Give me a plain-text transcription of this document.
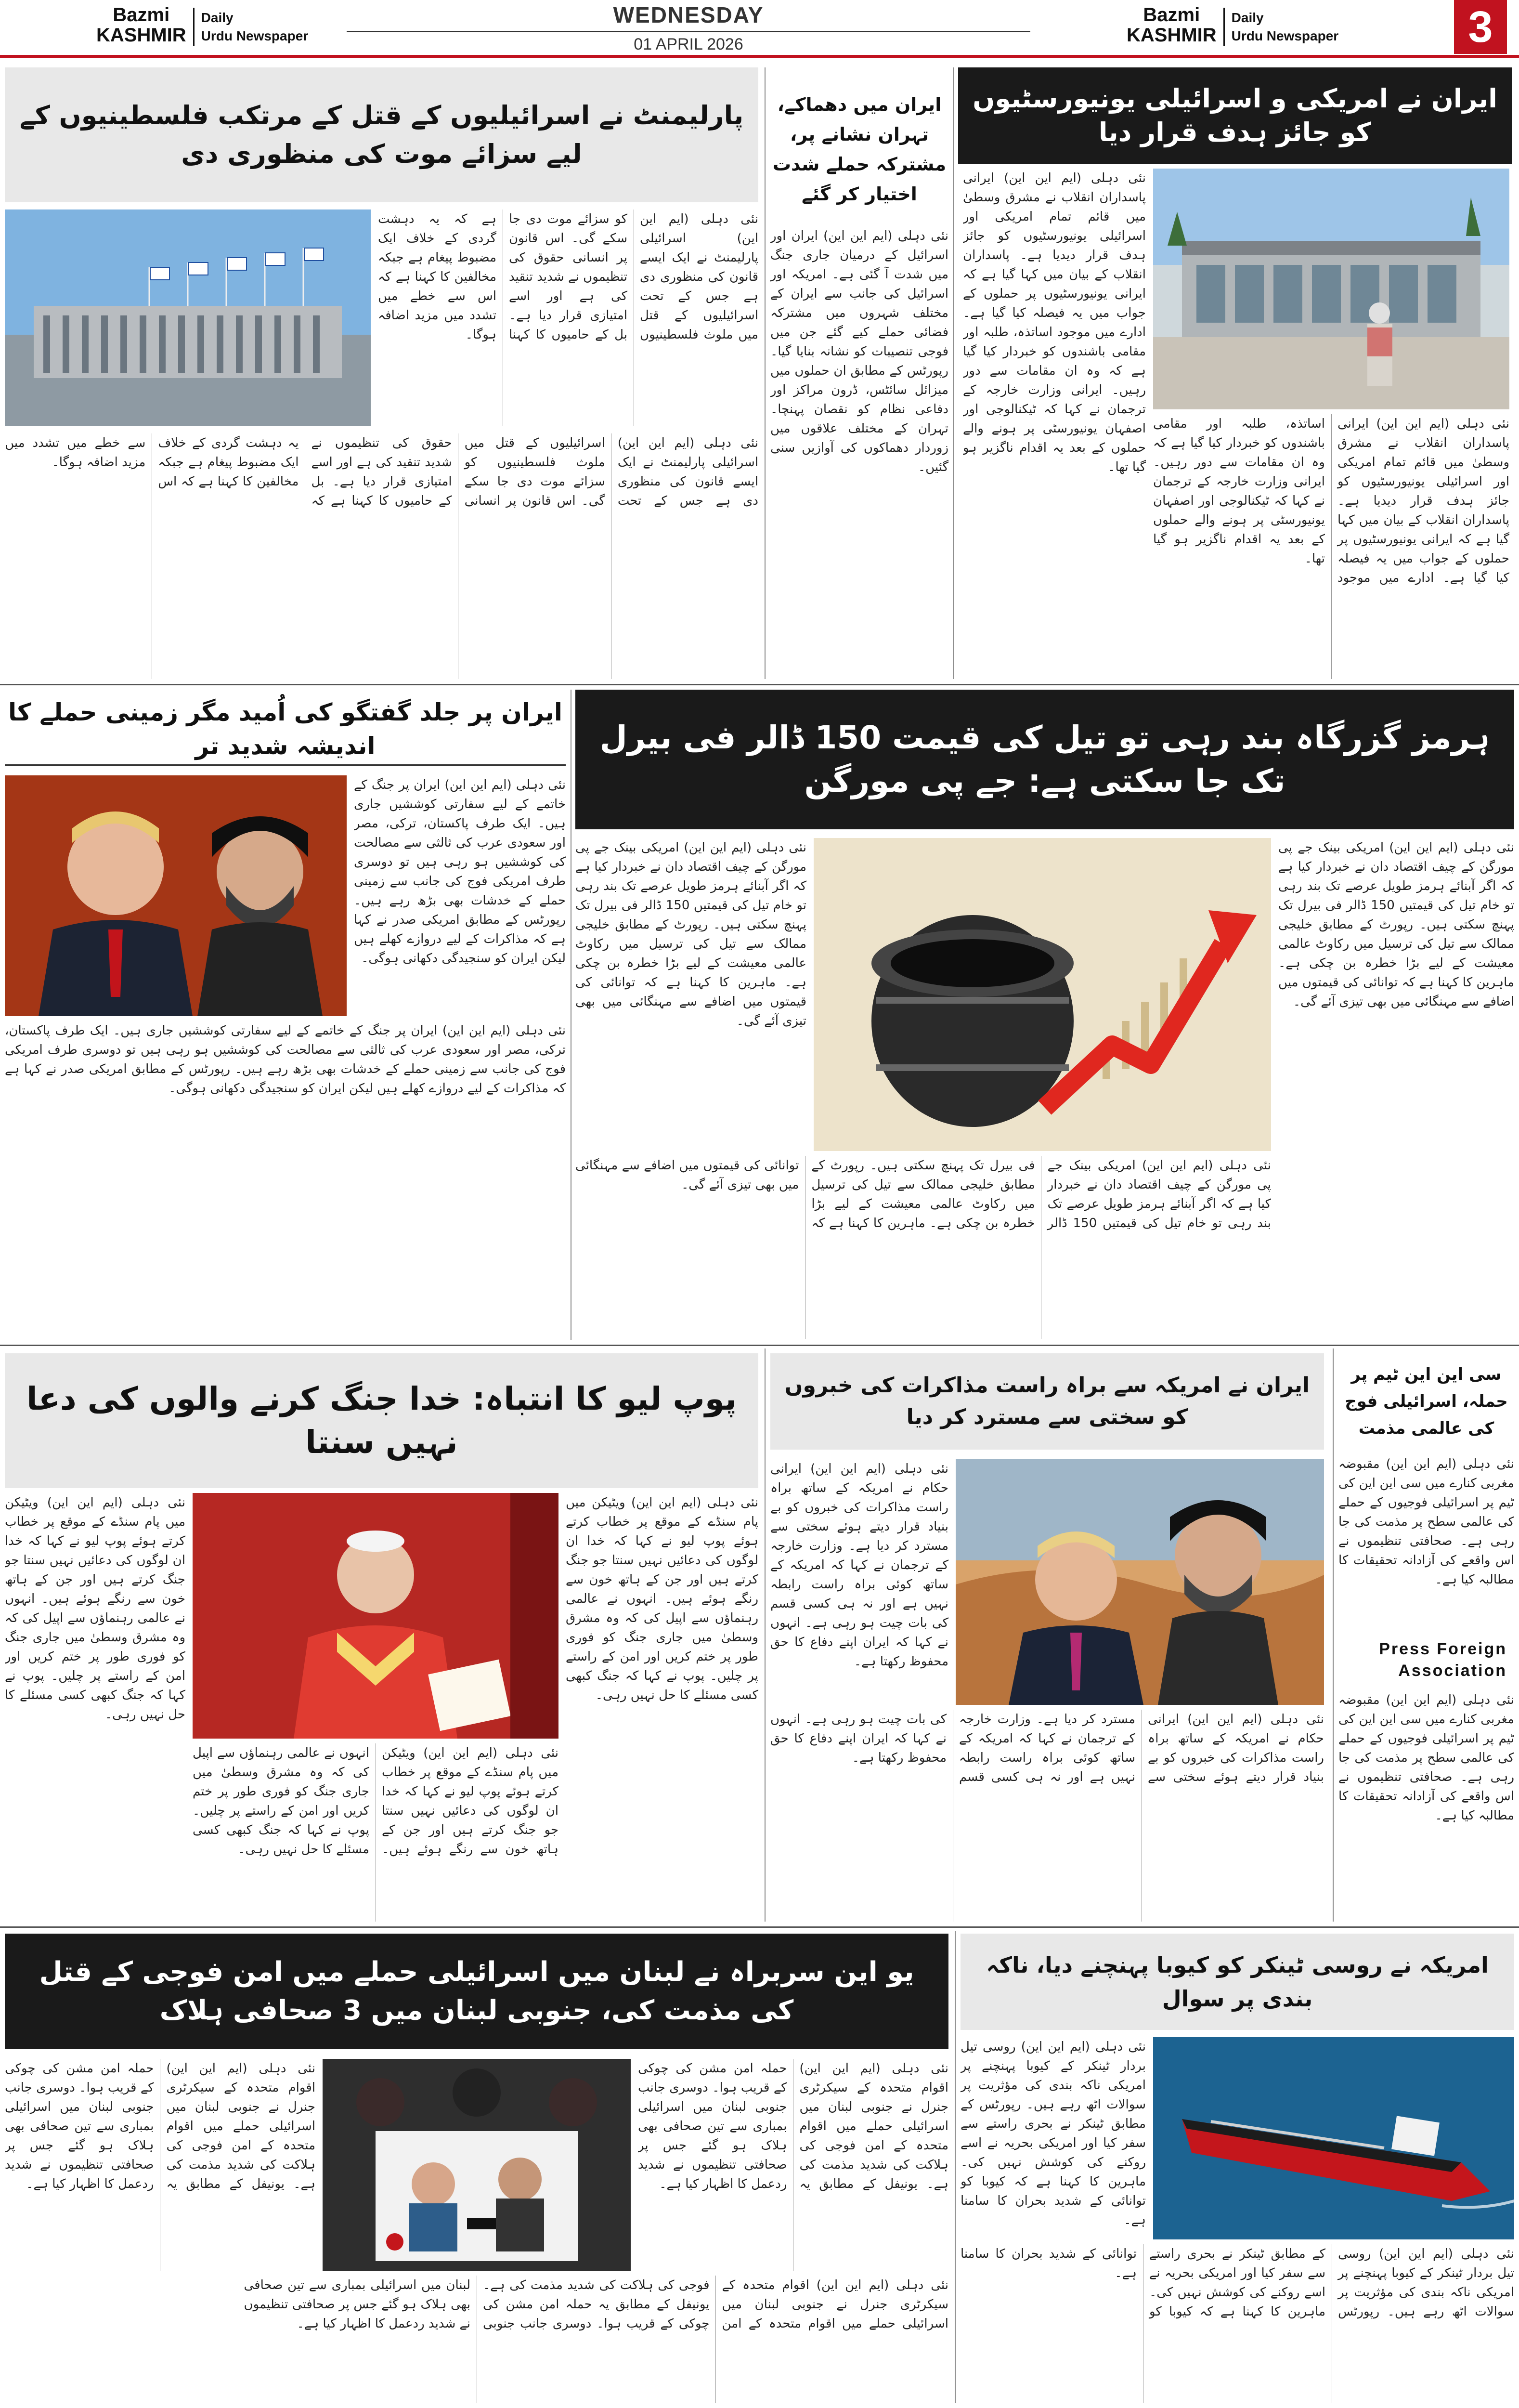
Bazmi
KASHMIRDaily
Urdu Newspaper
WEDNESDAY
01 APRIL 2026
Bazmi
KASHMIRDaily
Urdu Newspaper	3
ایران نے امریکی و اسرائیلی یونیورسٹیوں کو جائز ہدف قرار دیا
نئی دہلی (ایم این این) ایرانی پاسداران انقلاب نے مشرق وسطیٰ میں قائم تمام امریکی اور اسرائیلی یونیورسٹیوں کو جائز ہدف قرار دیدیا ہے۔ پاسداران انقلاب کے بیان میں کہا گیا ہے کہ ایرانی یونیورسٹیوں پر حملوں کے جواب میں یہ فیصلہ کیا گیا ہے۔ ادارے میں موجود اساتذہ، طلبہ اور مقامی باشندوں کو خبردار کیا گیا ہے کہ وہ ان مقامات سے دور رہیں۔ ایرانی وزارت خارجہ کے ترجمان نے کہا کہ ٹیکنالوجی اور اصفہان یونیورسٹی پر ہونے والے حملوں کے بعد یہ اقدام ناگزیر ہو گیا تھا۔
نئی دہلی (ایم این این) ایرانی پاسداران انقلاب نے مشرق وسطیٰ میں قائم تمام امریکی اور اسرائیلی یونیورسٹیوں کو جائز ہدف قرار دیدیا ہے۔ پاسداران انقلاب کے بیان میں کہا گیا ہے کہ ایرانی یونیورسٹیوں پر حملوں کے جواب میں یہ فیصلہ کیا گیا ہے۔ ادارے میں موجود اساتذہ، طلبہ اور مقامی باشندوں کو خبردار کیا گیا ہے کہ وہ ان مقامات سے دور رہیں۔ ایرانی وزارت خارجہ کے ترجمان نے کہا کہ ٹیکنالوجی اور اصفہان یونیورسٹی پر ہونے والے حملوں کے بعد یہ اقدام ناگزیر ہو گیا تھا۔
ایران میں دھماکے، تہران نشانے پر، مشترکہ حملے شدت اختیار کر گئے
نئی دہلی (ایم این این) ایران اور اسرائیل کے درمیان جاری جنگ میں شدت آ گئی ہے۔ امریکہ اور اسرائیل کی جانب سے ایران کے مختلف شہروں میں مشترکہ فضائی حملے کیے گئے جن میں فوجی تنصیبات کو نشانہ بنایا گیا۔ رپورٹس کے مطابق ان حملوں میں میزائل سائٹس، ڈرون مراکز اور دفاعی نظام کو نقصان پہنچا۔ تہران کے مختلف علاقوں میں زوردار دھماکوں کی آوازیں سنی گئیں۔
پارلیمنٹ نے اسرائیلیوں کے قتل کے مرتکب فلسطینیوں کے لیے سزائے موت کی منظوری دی
نئی دہلی (ایم این این) اسرائیلی پارلیمنٹ نے ایک ایسے قانون کی منظوری دی ہے جس کے تحت اسرائیلیوں کے قتل میں ملوث فلسطینیوں کو سزائے موت دی جا سکے گی۔ اس قانون پر انسانی حقوق کی تنظیموں نے شدید تنقید کی ہے اور اسے امتیازی قرار دیا ہے۔ بل کے حامیوں کا کہنا ہے کہ یہ دہشت گردی کے خلاف ایک مضبوط پیغام ہے جبکہ مخالفین کا کہنا ہے کہ اس سے خطے میں تشدد میں مزید اضافہ ہوگا۔
نئی دہلی (ایم این این) اسرائیلی پارلیمنٹ نے ایک ایسے قانون کی منظوری دی ہے جس کے تحت اسرائیلیوں کے قتل میں ملوث فلسطینیوں کو سزائے موت دی جا سکے گی۔ اس قانون پر انسانی حقوق کی تنظیموں نے شدید تنقید کی ہے اور اسے امتیازی قرار دیا ہے۔ بل کے حامیوں کا کہنا ہے کہ یہ دہشت گردی کے خلاف ایک مضبوط پیغام ہے جبکہ مخالفین کا کہنا ہے کہ اس سے خطے میں تشدد میں مزید اضافہ ہوگا۔
ہرمز گزرگاہ بند رہی تو تیل کی قیمت 150 ڈالر فی بیرل تک جا سکتی ہے: جے پی مورگن
نئی دہلی (ایم این این) امریکی بینک جے پی مورگن کے چیف اقتصاد دان نے خبردار کیا ہے کہ اگر آبنائے ہرمز طویل عرصے تک بند رہی تو خام تیل کی قیمتیں 150 ڈالر فی بیرل تک پہنچ سکتی ہیں۔ رپورٹ کے مطابق خلیجی ممالک سے تیل کی ترسیل میں رکاوٹ عالمی معیشت کے لیے بڑا خطرہ بن چکی ہے۔ ماہرین کا کہنا ہے کہ توانائی کی قیمتوں میں اضافے سے مہنگائی میں بھی تیزی آئے گی۔
نئی دہلی (ایم این این) امریکی بینک جے پی مورگن کے چیف اقتصاد دان نے خبردار کیا ہے کہ اگر آبنائے ہرمز طویل عرصے تک بند رہی تو خام تیل کی قیمتیں 150 ڈالر فی بیرل تک پہنچ سکتی ہیں۔ رپورٹ کے مطابق خلیجی ممالک سے تیل کی ترسیل میں رکاوٹ عالمی معیشت کے لیے بڑا خطرہ بن چکی ہے۔ ماہرین کا کہنا ہے کہ توانائی کی قیمتوں میں اضافے سے مہنگائی میں بھی تیزی آئے گی۔
نئی دہلی (ایم این این) امریکی بینک جے پی مورگن کے چیف اقتصاد دان نے خبردار کیا ہے کہ اگر آبنائے ہرمز طویل عرصے تک بند رہی تو خام تیل کی قیمتیں 150 ڈالر فی بیرل تک پہنچ سکتی ہیں۔ رپورٹ کے مطابق خلیجی ممالک سے تیل کی ترسیل میں رکاوٹ عالمی معیشت کے لیے بڑا خطرہ بن چکی ہے۔ ماہرین کا کہنا ہے کہ توانائی کی قیمتوں میں اضافے سے مہنگائی میں بھی تیزی آئے گی۔
ایران پر جلد گفتگو کی اُمید مگر زمینی حملے کا اندیشہ شدید تر
نئی دہلی (ایم این این) ایران پر جنگ کے خاتمے کے لیے سفارتی کوششیں جاری ہیں۔ ایک طرف پاکستان، ترکی، مصر اور سعودی عرب کی ثالثی سے مصالحت کی کوششیں ہو رہی ہیں تو دوسری طرف امریکی فوج کی جانب سے زمینی حملے کے خدشات بھی بڑھ رہے ہیں۔ رپورٹس کے مطابق امریکی صدر نے کہا ہے کہ مذاکرات کے لیے دروازے کھلے ہیں لیکن ایران کو سنجیدگی دکھانی ہوگی۔
نئی دہلی (ایم این این) ایران پر جنگ کے خاتمے کے لیے سفارتی کوششیں جاری ہیں۔ ایک طرف پاکستان، ترکی، مصر اور سعودی عرب کی ثالثی سے مصالحت کی کوششیں ہو رہی ہیں تو دوسری طرف امریکی فوج کی جانب سے زمینی حملے کے خدشات بھی بڑھ رہے ہیں۔ رپورٹس کے مطابق امریکی صدر نے کہا ہے کہ مذاکرات کے لیے دروازے کھلے ہیں لیکن ایران کو سنجیدگی دکھانی ہوگی۔
سی این این ٹیم پر حملہ، اسرائیلی فوج کی عالمی مذمت
نئی دہلی (ایم این این) مقبوضہ مغربی کنارے میں سی این این کی ٹیم پر اسرائیلی فوجیوں کے حملے کی عالمی سطح پر مذمت کی جا رہی ہے۔ صحافتی تنظیموں نے اس واقعے کی آزادانہ تحقیقات کا مطالبہ کیا ہے۔
Press Foreign
Association
نئی دہلی (ایم این این) مقبوضہ مغربی کنارے میں سی این این کی ٹیم پر اسرائیلی فوجیوں کے حملے کی عالمی سطح پر مذمت کی جا رہی ہے۔ صحافتی تنظیموں نے اس واقعے کی آزادانہ تحقیقات کا مطالبہ کیا ہے۔
ایران نے امریکہ سے براہ راست مذاکرات کی خبروں کو سختی سے مسترد کر دیا
نئی دہلی (ایم این این) ایرانی حکام نے امریکہ کے ساتھ براہ راست مذاکرات کی خبروں کو بے بنیاد قرار دیتے ہوئے سختی سے مسترد کر دیا ہے۔ وزارت خارجہ کے ترجمان نے کہا کہ امریکہ کے ساتھ کوئی براہ راست رابطہ نہیں ہے اور نہ ہی کسی قسم کی بات چیت ہو رہی ہے۔ انہوں نے کہا کہ ایران اپنے دفاع کا حق محفوظ رکھتا ہے۔
نئی دہلی (ایم این این) ایرانی حکام نے امریکہ کے ساتھ براہ راست مذاکرات کی خبروں کو بے بنیاد قرار دیتے ہوئے سختی سے مسترد کر دیا ہے۔ وزارت خارجہ کے ترجمان نے کہا کہ امریکہ کے ساتھ کوئی براہ راست رابطہ نہیں ہے اور نہ ہی کسی قسم کی بات چیت ہو رہی ہے۔ انہوں نے کہا کہ ایران اپنے دفاع کا حق محفوظ رکھتا ہے۔
پوپ لیو کا انتباہ: خدا جنگ کرنے والوں کی دعا نہیں سنتا
نئی دہلی (ایم این این) ویٹیکن میں پام سنڈے کے موقع پر خطاب کرتے ہوئے پوپ لیو نے کہا کہ خدا ان لوگوں کی دعائیں نہیں سنتا جو جنگ کرتے ہیں اور جن کے ہاتھ خون سے رنگے ہوئے ہیں۔ انہوں نے عالمی رہنماؤں سے اپیل کی کہ وہ مشرق وسطیٰ میں جاری جنگ کو فوری طور پر ختم کریں اور امن کے راستے پر چلیں۔ پوپ نے کہا کہ جنگ کبھی کسی مسئلے کا حل نہیں رہی۔
نئی دہلی (ایم این این) ویٹیکن میں پام سنڈے کے موقع پر خطاب کرتے ہوئے پوپ لیو نے کہا کہ خدا ان لوگوں کی دعائیں نہیں سنتا جو جنگ کرتے ہیں اور جن کے ہاتھ خون سے رنگے ہوئے ہیں۔ انہوں نے عالمی رہنماؤں سے اپیل کی کہ وہ مشرق وسطیٰ میں جاری جنگ کو فوری طور پر ختم کریں اور امن کے راستے پر چلیں۔ پوپ نے کہا کہ جنگ کبھی کسی مسئلے کا حل نہیں رہی۔
نئی دہلی (ایم این این) ویٹیکن میں پام سنڈے کے موقع پر خطاب کرتے ہوئے پوپ لیو نے کہا کہ خدا ان لوگوں کی دعائیں نہیں سنتا جو جنگ کرتے ہیں اور جن کے ہاتھ خون سے رنگے ہوئے ہیں۔ انہوں نے عالمی رہنماؤں سے اپیل کی کہ وہ مشرق وسطیٰ میں جاری جنگ کو فوری طور پر ختم کریں اور امن کے راستے پر چلیں۔ پوپ نے کہا کہ جنگ کبھی کسی مسئلے کا حل نہیں رہی۔
امریکہ نے روسی ٹینکر کو کیوبا پہنچنے دیا، ناکہ بندی پر سوال
نئی دہلی (ایم این این) روسی تیل بردار ٹینکر کے کیوبا پہنچنے پر امریکی ناکہ بندی کی مؤثریت پر سوالات اٹھ رہے ہیں۔ رپورٹس کے مطابق ٹینکر نے بحری راستے سے سفر کیا اور امریکی بحریہ نے اسے روکنے کی کوشش نہیں کی۔ ماہرین کا کہنا ہے کہ کیوبا کو توانائی کے شدید بحران کا سامنا ہے۔
نئی دہلی (ایم این این) روسی تیل بردار ٹینکر کے کیوبا پہنچنے پر امریکی ناکہ بندی کی مؤثریت پر سوالات اٹھ رہے ہیں۔ رپورٹس کے مطابق ٹینکر نے بحری راستے سے سفر کیا اور امریکی بحریہ نے اسے روکنے کی کوشش نہیں کی۔ ماہرین کا کہنا ہے کہ کیوبا کو توانائی کے شدید بحران کا سامنا ہے۔
یو این سربراہ نے لبنان میں اسرائیلی حملے میں امن فوجی کے قتل کی مذمت کی، جنوبی لبنان میں 3 صحافی ہلاک
نئی دہلی (ایم این این) اقوام متحدہ کے سیکرٹری جنرل نے جنوبی لبنان میں اسرائیلی حملے میں اقوام متحدہ کے امن فوجی کی ہلاکت کی شدید مذمت کی ہے۔ یونیفل کے مطابق یہ حملہ امن مشن کی چوکی کے قریب ہوا۔ دوسری جانب جنوبی لبنان میں اسرائیلی بمباری سے تین صحافی بھی ہلاک ہو گئے جس پر صحافتی تنظیموں نے شدید ردعمل کا اظہار کیا ہے۔
نئی دہلی (ایم این این) اقوام متحدہ کے سیکرٹری جنرل نے جنوبی لبنان میں اسرائیلی حملے میں اقوام متحدہ کے امن فوجی کی ہلاکت کی شدید مذمت کی ہے۔ یونیفل کے مطابق یہ حملہ امن مشن کی چوکی کے قریب ہوا۔ دوسری جانب جنوبی لبنان میں اسرائیلی بمباری سے تین صحافی بھی ہلاک ہو گئے جس پر صحافتی تنظیموں نے شدید ردعمل کا اظہار کیا ہے۔
نئی دہلی (ایم این این) اقوام متحدہ کے سیکرٹری جنرل نے جنوبی لبنان میں اسرائیلی حملے میں اقوام متحدہ کے امن فوجی کی ہلاکت کی شدید مذمت کی ہے۔ یونیفل کے مطابق یہ حملہ امن مشن کی چوکی کے قریب ہوا۔ دوسری جانب جنوبی لبنان میں اسرائیلی بمباری سے تین صحافی بھی ہلاک ہو گئے جس پر صحافتی تنظیموں نے شدید ردعمل کا اظہار کیا ہے۔
